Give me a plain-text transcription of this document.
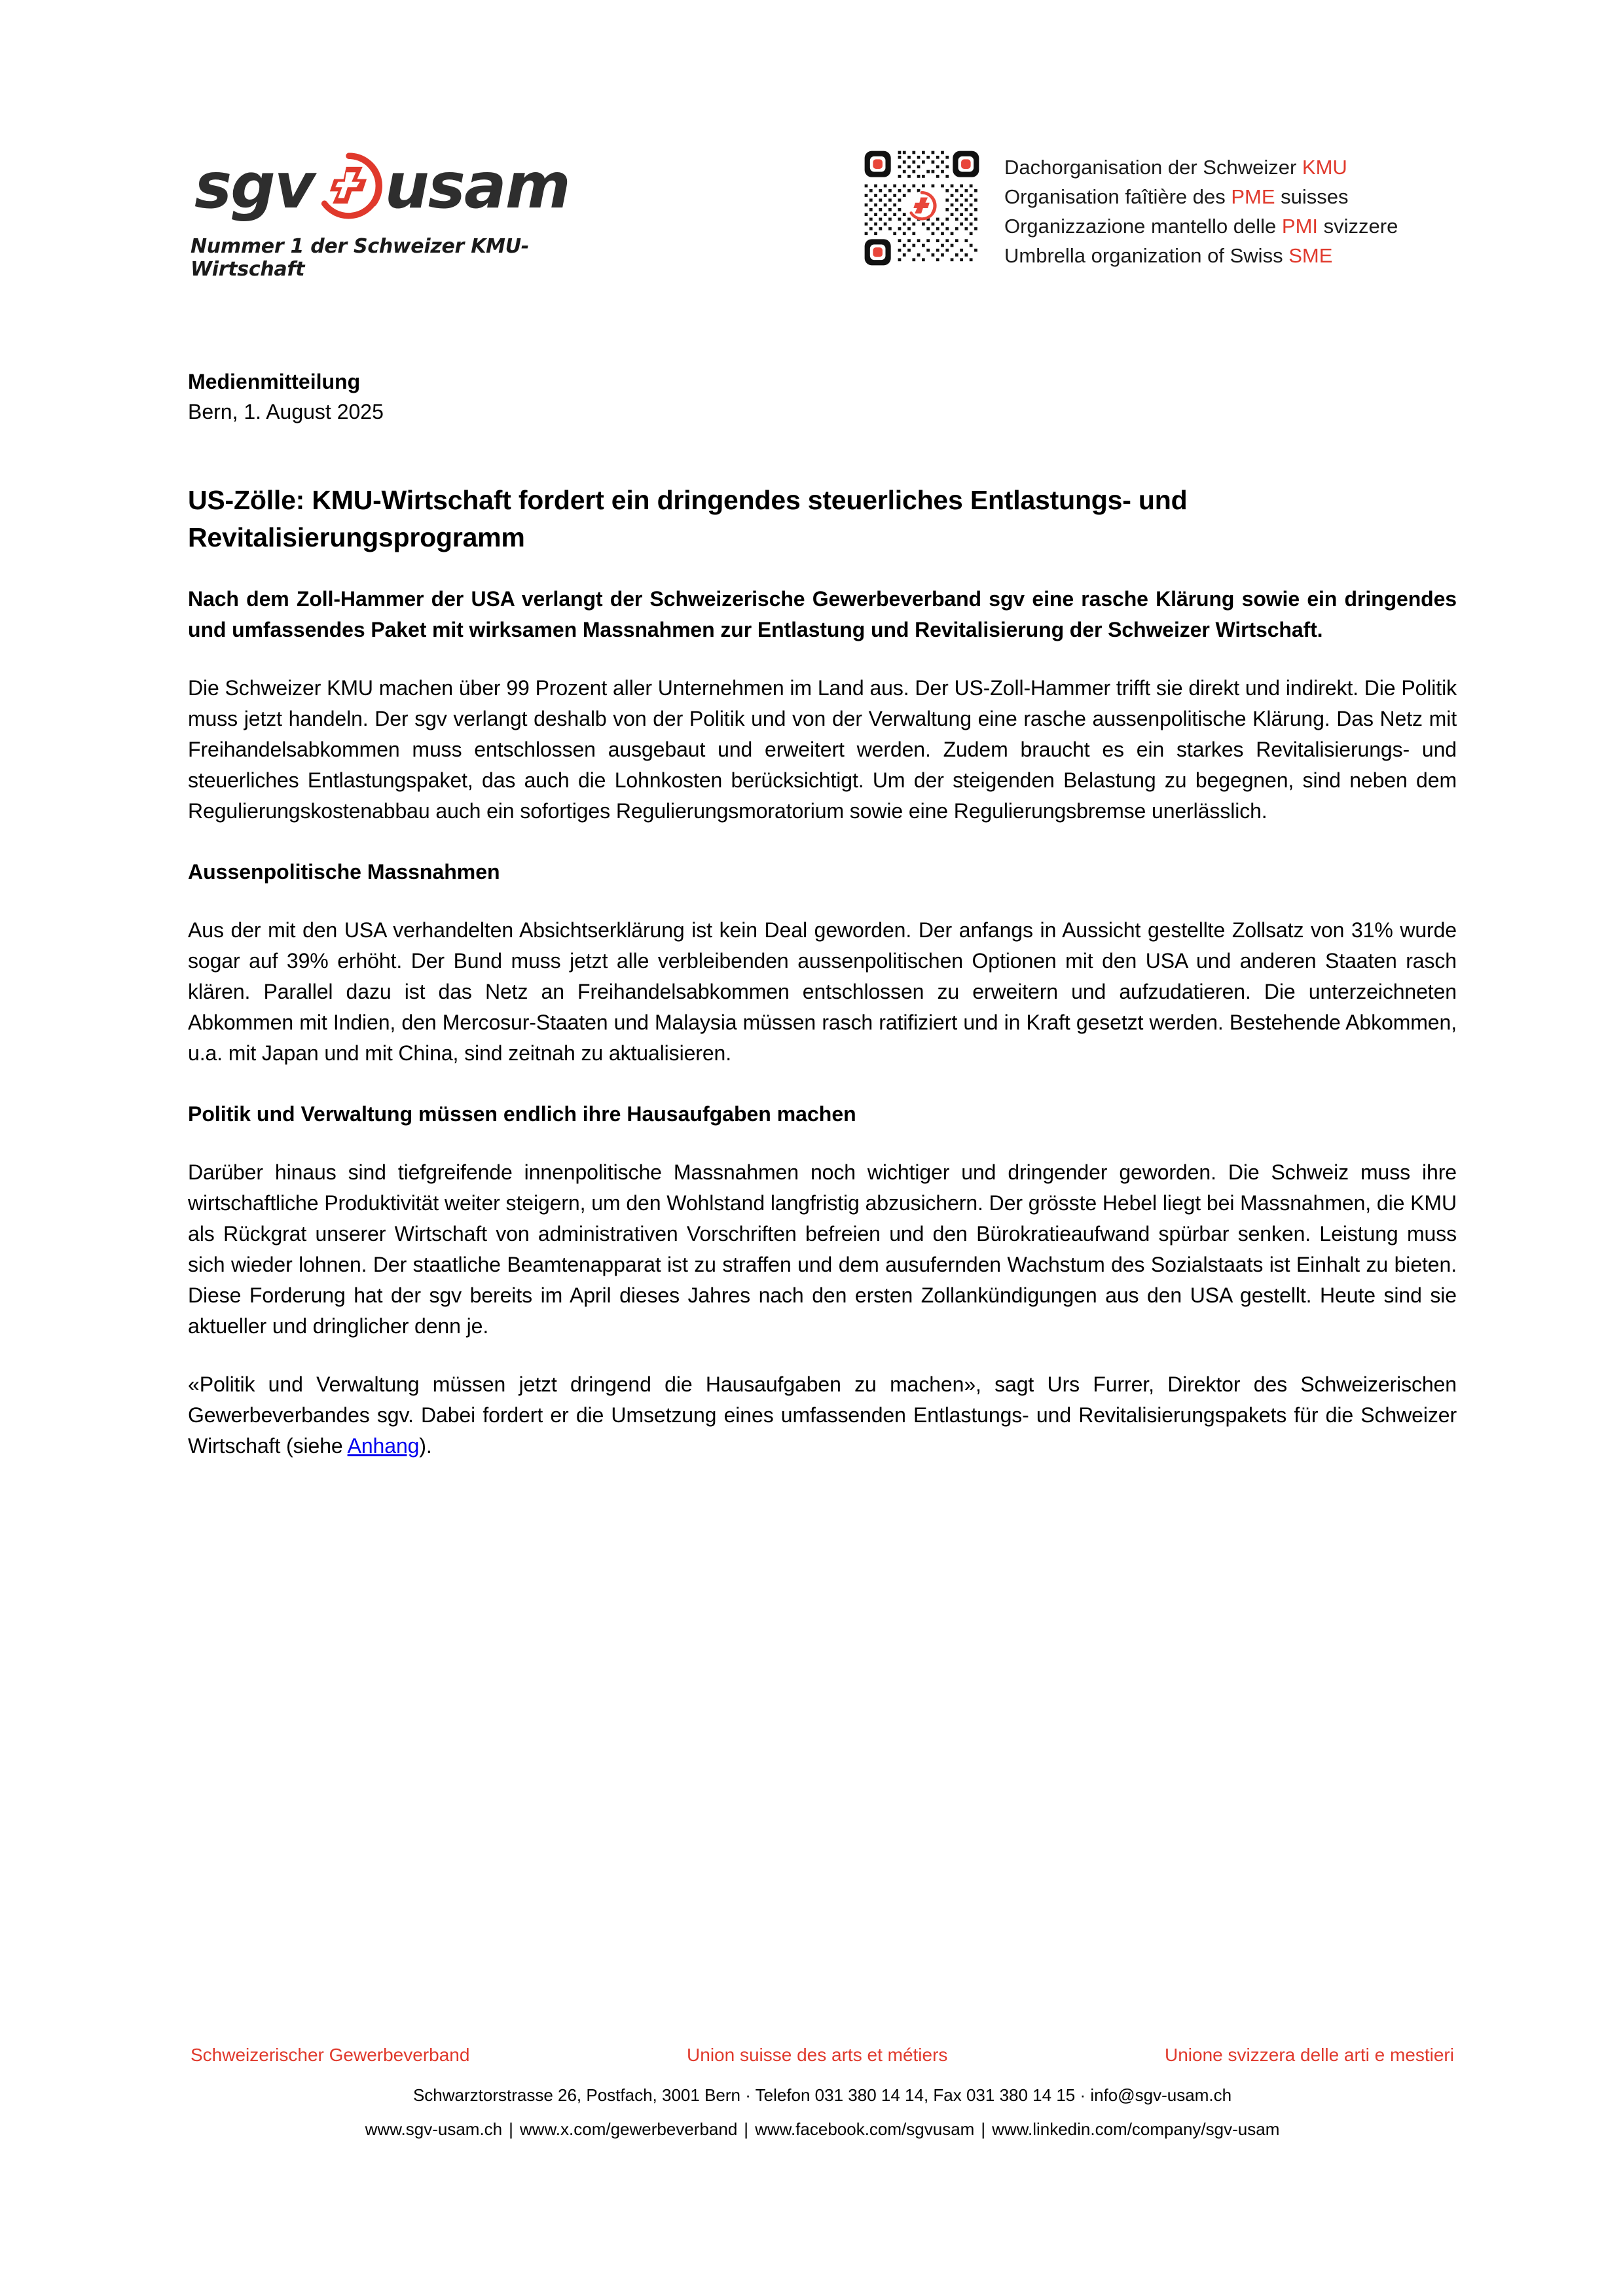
sgv usam
Nummer 1 der Schweizer KMU-Wirtschaft
Dachorganisation der Schweizer KMU
Organisation faîtière des PME suisses
Organizzazione mantello delle PMI svizzere
Umbrella organization of Swiss SME
Medienmitteilung
Bern, 1. August 2025
US-Zölle: KMU-Wirtschaft fordert ein dringendes steuerliches Entlastungs- und Revitalisierungsprogramm
Nach dem Zoll-Hammer der USA verlangt der Schweizerische Gewerbeverband sgv eine rasche Klärung sowie ein dringendes und umfassendes Paket mit wirksamen Massnahmen zur Entlastung und Revitalisierung der Schweizer Wirtschaft.

Die Schweizer KMU machen über 99 Prozent aller Unternehmen im Land aus. Der US-Zoll-Hammer trifft sie direkt und indirekt. Die Politik muss jetzt handeln. Der sgv verlangt deshalb von der Politik und von der Verwaltung eine rasche aussenpolitische Klärung. Das Netz mit Freihandelsabkommen muss entschlossen ausgebaut und erweitert werden. Zudem braucht es ein starkes Revitalisierungs- und steuerliches Entlastungspaket, das auch die Lohnkosten berücksichtigt. Um der steigenden Belastung zu begegnen, sind neben dem Regulierungskostenabbau auch ein sofortiges Regulierungsmoratorium sowie eine Regulierungsbremse unerlässlich.

Aussenpolitische Massnahmen

Aus der mit den USA verhandelten Absichtserklärung ist kein Deal geworden. Der anfangs in Aussicht gestellte Zollsatz von 31% wurde sogar auf 39% erhöht. Der Bund muss jetzt alle verbleibenden aussenpolitischen Optionen mit den USA und anderen Staaten rasch klären. Parallel dazu ist das Netz an Freihandelsabkommen entschlossen zu erweitern und aufzudatieren. Die unterzeichneten Abkommen mit Indien, den Mercosur-Staaten und Malaysia müssen rasch ratifiziert und in Kraft gesetzt werden. Bestehende Abkommen, u.a. mit Japan und mit China, sind zeitnah zu aktualisieren.

Politik und Verwaltung müssen endlich ihre Hausaufgaben machen

Darüber hinaus sind tiefgreifende innenpolitische Massnahmen noch wichtiger und dringender geworden. Die Schweiz muss ihre wirtschaftliche Produktivität weiter steigern, um den Wohlstand langfristig abzusichern. Der grösste Hebel liegt bei Massnahmen, die KMU als Rückgrat unserer Wirtschaft von administrativen Vorschriften befreien und den Bürokratieaufwand spürbar senken. Leistung muss sich wieder lohnen. Der staatliche Beamtenapparat ist zu straffen und dem ausufernden Wachstum des Sozialstaats ist Einhalt zu bieten. Diese Forderung hat der sgv bereits im April dieses Jahres nach den ersten Zollankündigungen aus den USA gestellt. Heute sind sie aktueller und dringlicher denn je.

«Politik und Verwaltung müssen jetzt dringend die Hausaufgaben zu machen», sagt Urs Furrer, Direktor des Schweizerischen Gewerbeverbandes sgv. Dabei fordert er die Umsetzung eines umfassenden Entlastungs- und Revitalisierungspakets für die Schweizer Wirtschaft (siehe Anhang).

Schweizerischer Gewerbeverband	Union suisse des arts et métiers	Unione svizzera delle arti e mestieri
Schwarztorstrasse 26, Postfach, 3001 Bern · Telefon 031 380 14 14, Fax 031 380 14 15 · info@sgv-usam.ch
www.sgv-usam.ch | www.x.com/gewerbeverband | www.facebook.com/sgvusam | www.linkedin.com/company/sgv-usam
